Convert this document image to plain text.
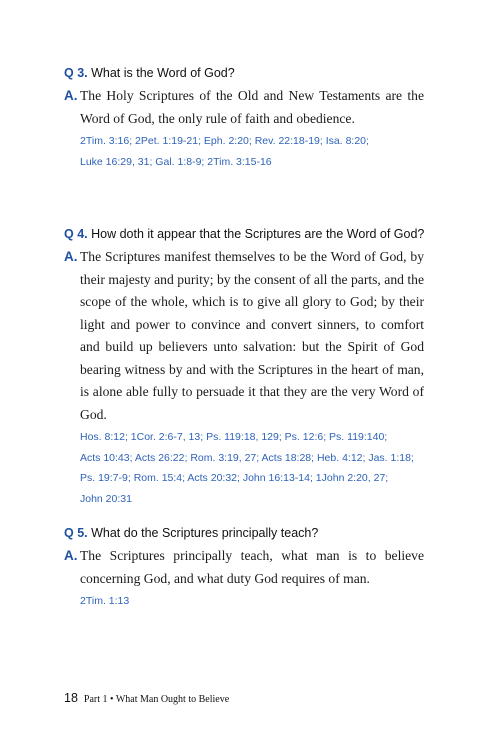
Q 3. What is the Word of God?
A. The Holy Scriptures of the Old and New Testaments are the Word of God, the only rule of faith and obedience.
2Tim. 3:16; 2Pet. 1:19-21; Eph. 2:20; Rev. 22:18-19; Isa. 8:20;
Luke 16:29, 31; Gal. 1:8-9; 2Tim. 3:15-16
Q 4. How doth it appear that the Scriptures are the Word of God?
A. The Scriptures manifest themselves to be the Word of God, by their majesty and purity; by the consent of all the parts, and the scope of the whole, which is to give all glory to God; by their light and power to convince and convert sinners, to comfort and build up believers unto salvation: but the Spirit of God bearing witness by and with the Scriptures in the heart of man, is alone able fully to persuade it that they are the very Word of God.
Hos. 8:12; 1Cor. 2:6-7, 13; Ps. 119:18, 129; Ps. 12:6; Ps. 119:140;
Acts 10:43; Acts 26:22; Rom. 3:19, 27; Acts 18:28; Heb. 4:12; Jas. 1:18;
Ps. 19:7-9; Rom. 15:4; Acts 20:32; John 16:13-14; 1John 2:20, 27;
John 20:31
Q 5. What do the Scriptures principally teach?
A. The Scriptures principally teach, what man is to believe concerning God, and what duty God requires of man.
2Tim. 1:13
18 Part 1 • What Man Ought to Believe
